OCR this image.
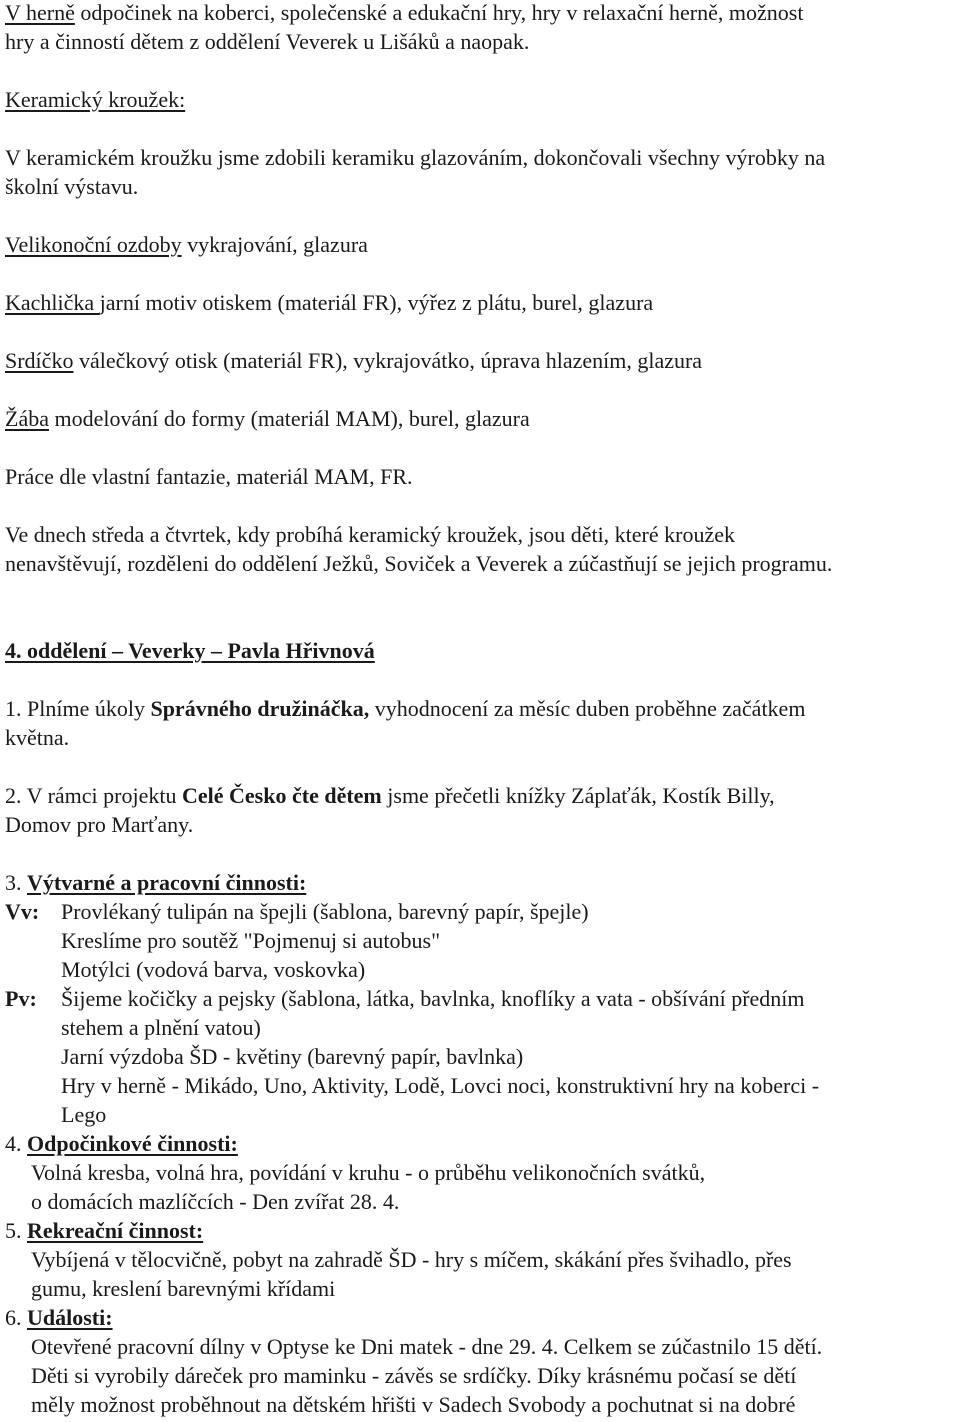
V herně odpočinek na koberci, společenské a edukační hry, hry v relaxační herně, možnost
hry a činností dětem z oddělení Veverek u Lišáků a naopak.
Keramický kroužek:
V keramickém kroužku jsme zdobili keramiku glazováním, dokončovali všechny výrobky na
školní výstavu.
Velikonoční ozdoby vykrajování, glazura
Kachlička jarní motiv otiskem (materiál FR), výřez z plátu, burel, glazura
Srdíčko válečkový otisk (materiál FR), vykrajovátko, úprava hlazením, glazura
Žába modelování do formy (materiál MAM), burel, glazura
Práce dle vlastní fantazie, materiál MAM, FR.
Ve dnech středa a čtvrtek, kdy probíhá keramický kroužek, jsou děti, které kroužek
nenavštěvují, rozděleni do oddělení Ježků, Soviček a Veverek a zúčastňují se jejich programu.
4. oddělení – Veverky – Pavla Hřivnová
1. Plníme úkoly Správného družináčka, vyhodnocení za měsíc duben proběhne začátkem
května.
2. V rámci projektu Celé Česko čte dětem jsme přečetli knížky Záplaťák, Kostík Billy,
Domov pro Marťany.
3. Výtvarné a pracovní činnosti:
Vv: Provlékaný tulipán na špejli (šablona, barevný papír, špejle)
Kreslíme pro soutěž "Pojmenuj si autobus"
Motýlci (vodová barva, voskovka)
Pv:	Šijeme kočičky a pejsky (šablona, látka, bavlnka, knoflíky a vata - obšívání předním
stehem a plnění vatou)
Jarní výzdoba ŠD - květiny (barevný papír, bavlnka)
Hry v herně - Mikádo, Uno, Aktivity, Lodě, Lovci noci, konstruktivní hry na koberci -
Lego
4. Odpočinkové činnosti:
Volná kresba, volná hra, povídání v kruhu - o průběhu velikonočních svátků,
o domácích mazlíčcích - Den zvířat 28. 4.
5. Rekreační činnost:
Vybíjená v tělocvičně, pobyt na zahradě ŠD - hry s míčem, skákání přes švihadlo, přes
gumu, kreslení barevnými křídami
6. Události:
Otevřené pracovní dílny v Optyse ke Dni matek - dne 29. 4. Celkem se zúčastnilo 15 dětí.
Děti si vyrobily dáreček pro maminku - závěs se srdíčky. Díky krásnému počasí se dětí
měly možnost proběhnout na dětském hřišti v Sadech Svobody a pochutnat si na dobré
